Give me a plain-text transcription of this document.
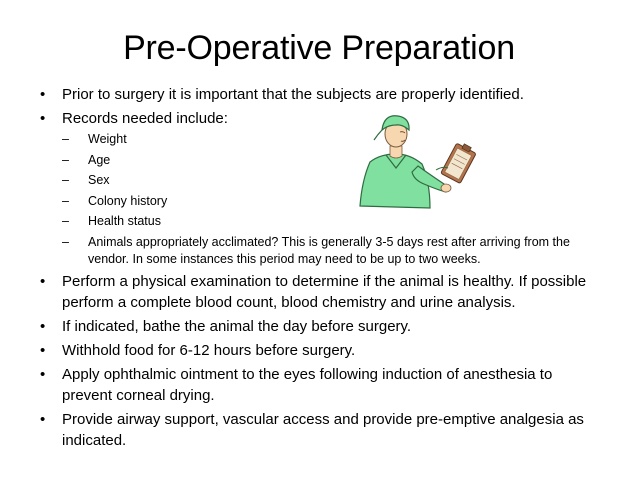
Pre-Operative Preparation
• Prior to surgery it is important that the subjects are properly identified.
• Records needed include:
– Weight
– Age
– Sex
– Colony history
– Health status
– Animals appropriately acclimated? This is generally 3-5 days rest after arriving from the vendor. In some instances this period may need to be up to two weeks.
• Perform a physical examination to determine if the animal is healthy. If possible perform a complete blood count, blood chemistry and urine analysis.
• If indicated, bathe the animal the day before surgery.
• Withhold food for 6-12 hours before surgery.
• Apply ophthalmic ointment to the eyes following induction of anesthesia to prevent corneal drying.
• Provide airway support, vascular access and provide pre-emptive analgesia as indicated.
